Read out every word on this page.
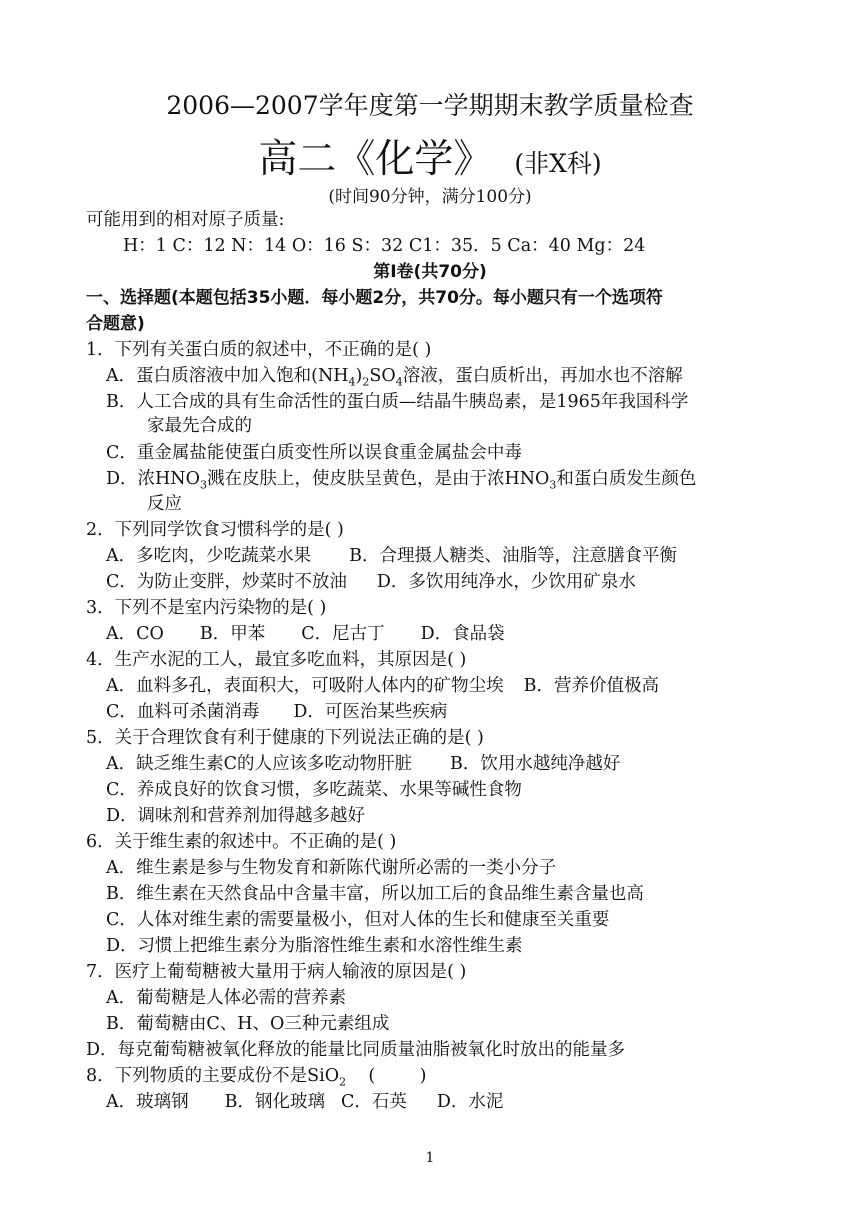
2006—2007学年度第一学期期末教学质量检查
高二《化学》 (非X科)
(时间90分钟，满分100分)
可能用到的相对原子质量:
H：1 C：12 N：14 O：16 S：32 C1：35．5 Ca：40 Mg：24
第Ⅰ卷(共70分)
一、选择题(本题包括35小题．每小题2分，共70分。每小题只有一个选项符
合题意)
1．下列有关蛋白质的叙述中，不正确的是( )
A．蛋白质溶液中加入饱和$(NH_4)_2SO_4$溶液，蛋白质析出，再加水也不溶解
B．人工合成的具有生命活性的蛋白质—结晶牛胰岛素，是1965年我国科学
家最先合成的
C．重金属盐能使蛋白质变性所以误食重金属盐会中毒
D．浓$HNO_3$溅在皮肤上，使皮肤呈黄色，是由于浓$HNO_3$和蛋白质发生颜色
反应
2．下列同学饮食习惯科学的是( )
A．多吃肉，少吃蔬菜水果 B．合理摄人糖类、油脂等，注意膳食平衡
C．为防止变胖，炒菜时不放油 D．多饮用纯净水，少饮用矿泉水
3．下列不是室内污染物的是( )
A．CO B．甲苯 C．尼古丁 D．食品袋
4．生产水泥的工人，最宜多吃血料，其原因是( )
A．血料多孔，表面积大，可吸附人体内的矿物尘埃 B．营养价值极高
C．血料可杀菌消毒 D．可医治某些疾病
5．关于合理饮食有利于健康的下列说法正确的是( )
A．缺乏维生素C的人应该多吃动物肝脏 B．饮用水越纯净越好
C．养成良好的饮食习惯，多吃蔬菜、水果等碱性食物
D．调味剂和营养剂加得越多越好
6．关于维生素的叙述中。不正确的是( )
A．维生素是参与生物发育和新陈代谢所必需的一类小分子
B．维生素在天然食品中含量丰富，所以加工后的食品维生素含量也高
C．人体对维生素的需要量极小，但对人体的生长和健康至关重要
D．习惯上把维生素分为脂溶性维生素和水溶性维生素
7．医疗上葡萄糖被大量用于病人输液的原因是( )
A．葡萄糖是人体必需的营养素
B．葡萄糖由C、H、O三种元素组成
D．每克葡萄糖被氧化释放的能量比同质量油脂被氧化时放出的能量多
8．下列物质的主要成份不是SiO$_2$    (        )
A．玻璃钢 B．钢化玻璃 C．石英 D．水泥
1
